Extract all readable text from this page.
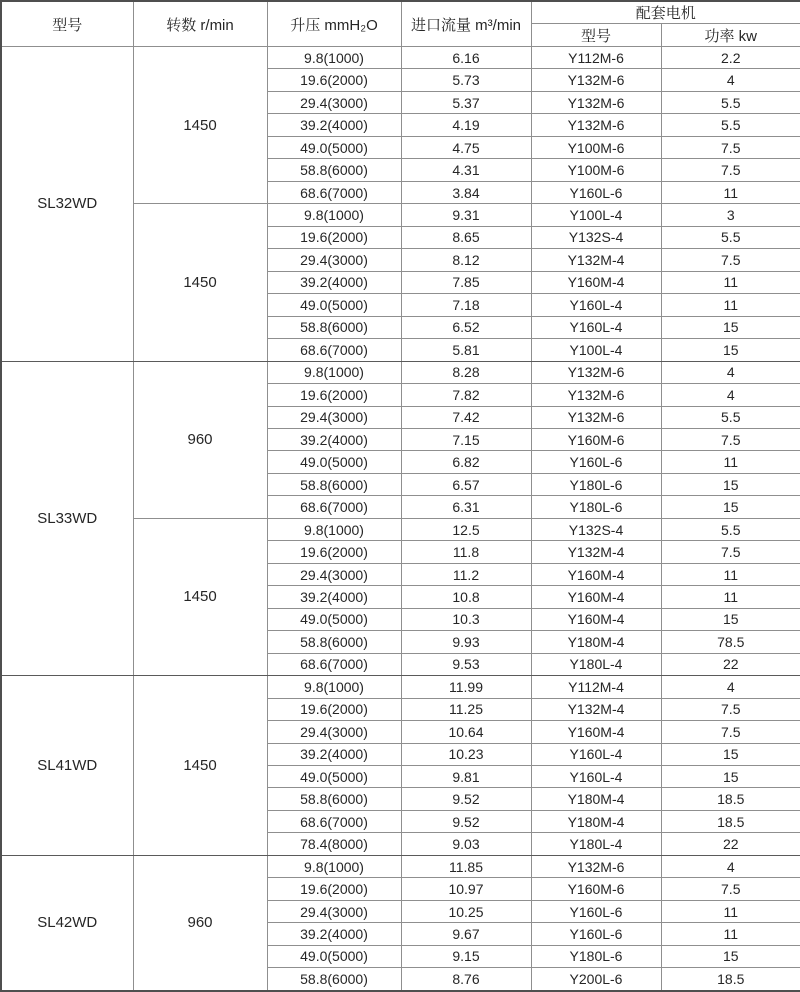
型号	转数 r/min	升压 mmH₂O	进口流量 m³/min	配套电机	
				型号	功率 kw
SL32WD	1450	9.8(1000)	6.16	Y112M-6	2.2
		19.6(2000)	5.73	Y132M-6	4
		29.4(3000)	5.37	Y132M-6	5.5
		39.2(4000)	4.19	Y132M-6	5.5
		49.0(5000)	4.75	Y100M-6	7.5
		58.8(6000)	4.31	Y100M-6	7.5
		68.6(7000)	3.84	Y160L-6	11
	1450	9.8(1000)	9.31	Y100L-4	3
		19.6(2000)	8.65	Y132S-4	5.5
		29.4(3000)	8.12	Y132M-4	7.5
		39.2(4000)	7.85	Y160M-4	11
		49.0(5000)	7.18	Y160L-4	11
		58.8(6000)	6.52	Y160L-4	15
		68.6(7000)	5.81	Y100L-4	15
SL33WD	960	9.8(1000)	8.28	Y132M-6	4
		19.6(2000)	7.82	Y132M-6	4
		29.4(3000)	7.42	Y132M-6	5.5
		39.2(4000)	7.15	Y160M-6	7.5
		49.0(5000)	6.82	Y160L-6	11
		58.8(6000)	6.57	Y180L-6	15
		68.6(7000)	6.31	Y180L-6	15
	1450	9.8(1000)	12.5	Y132S-4	5.5
		19.6(2000)	11.8	Y132M-4	7.5
		29.4(3000)	11.2	Y160M-4	11
		39.2(4000)	10.8	Y160M-4	11
		49.0(5000)	10.3	Y160M-4	15
		58.8(6000)	9.93	Y180M-4	78.5
		68.6(7000)	9.53	Y180L-4	22
SL41WD	1450	9.8(1000)	11.99	Y112M-4	4
		19.6(2000)	11.25	Y132M-4	7.5
		29.4(3000)	10.64	Y160M-4	7.5
		39.2(4000)	10.23	Y160L-4	15
		49.0(5000)	9.81	Y160L-4	15
		58.8(6000)	9.52	Y180M-4	18.5
		68.6(7000)	9.52	Y180M-4	18.5
		78.4(8000)	9.03	Y180L-4	22
SL42WD	960	9.8(1000)	11.85	Y132M-6	4
		19.6(2000)	10.97	Y160M-6	7.5
		29.4(3000)	10.25	Y160L-6	11
		39.2(4000)	9.67	Y160L-6	11
		49.0(5000)	9.15	Y180L-6	15
		58.8(6000)	8.76	Y200L-6	18.5
